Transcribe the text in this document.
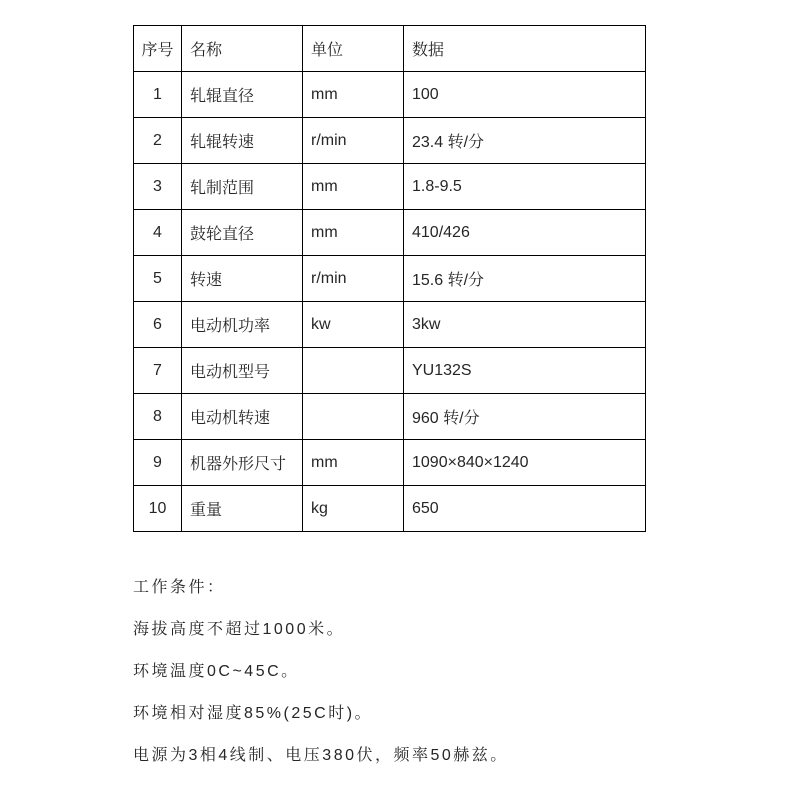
序号	名称	单位	数据
1	轧辊直径	mm	100
2	轧辊转速	r/min	23.4 转/分
3	轧制范围	mm	1.8-9.5
4	鼓轮直径	mm	410/426
5	转速	r/min	15.6 转/分
6	电动机功率	kw	3kw
7	电动机型号		YU132S
8	电动机转速		960 转/分
9	机器外形尺寸	mm	1090×840×1240
10	重量	kg	650

工作条件：

海拔高度不超过1000米。

环境温度0C~45C。

环境相对湿度85%(25C时)。

电源为3相4线制、电压380伏，频率50赫兹。
